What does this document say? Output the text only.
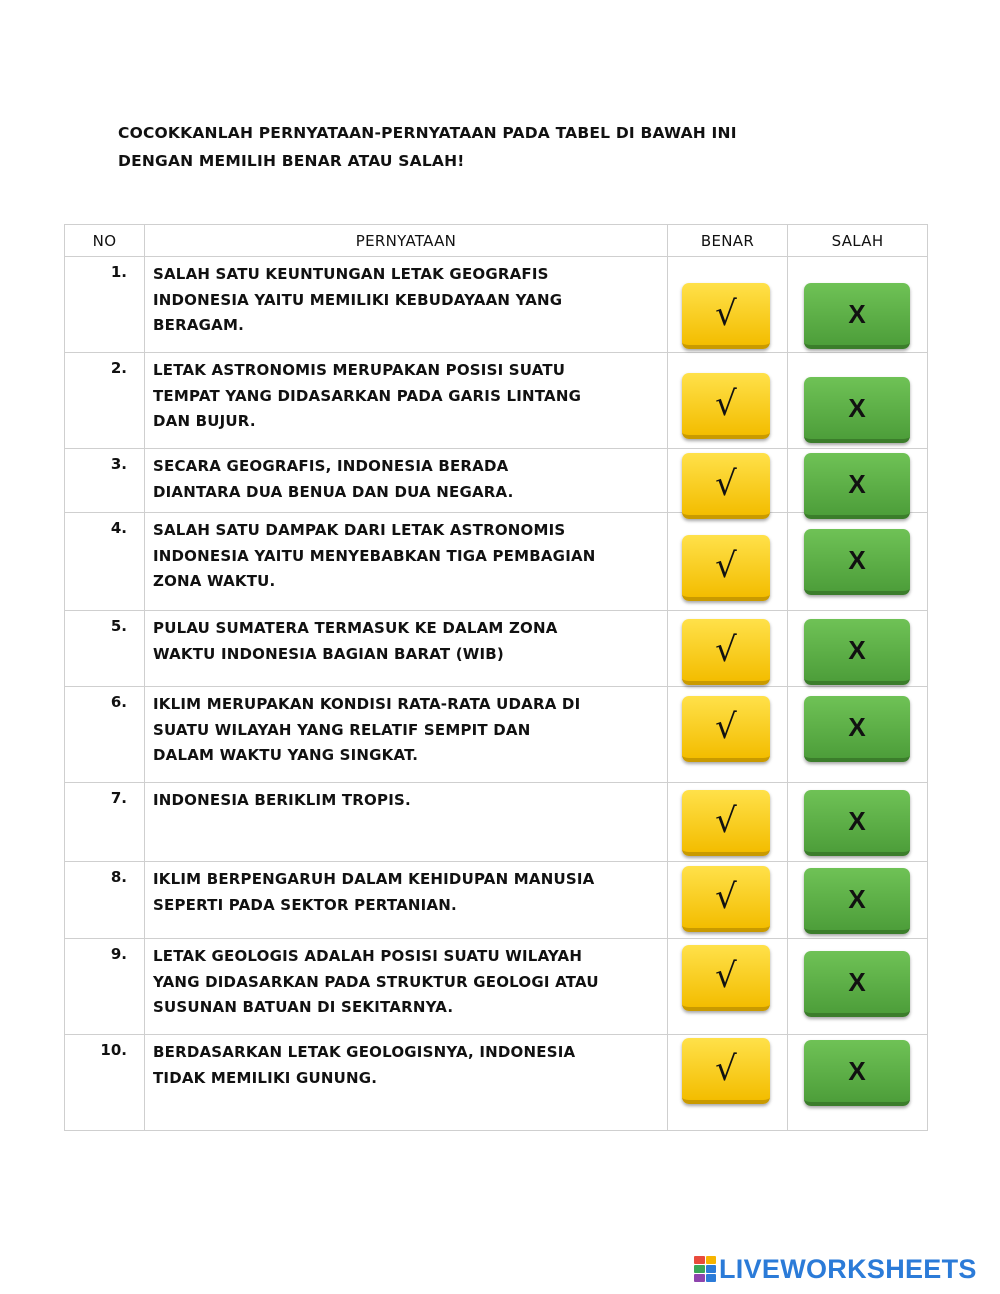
COCOKKANLAH PERNYATAAN-PERNYATAAN PADA TABEL DI BAWAH INI
DENGAN MEMILIH BENAR ATAU SALAH!
NO	PERNYATAAN	BENAR	SALAH
1.	SALAH SATU KEUNTUNGAN LETAK GEOGRAFIS
INDONESIA YAITU MEMILIKI KEBUDAYAAN YANG
BERAGAM.	√	X

2.	LETAK ASTRONOMIS MERUPAKAN POSISI SUATU
TEMPAT YANG DIDASARKAN PADA GARIS LINTANG
DAN BUJUR.	√	X

3.	SECARA GEOGRAFIS, INDONESIA BERADA
DIANTARA DUA BENUA DAN DUA NEGARA.	√	X

4.	SALAH SATU DAMPAK DARI LETAK ASTRONOMIS
INDONESIA YAITU MENYEBABKAN TIGA PEMBAGIAN
ZONA WAKTU.	√	X

5.	PULAU SUMATERA TERMASUK KE DALAM ZONA
WAKTU INDONESIA BAGIAN BARAT (WIB)	√	X

6.	IKLIM MERUPAKAN KONDISI RATA-RATA UDARA DI
SUATU WILAYAH YANG RELATIF SEMPIT DAN
DALAM WAKTU YANG SINGKAT.	√	X

7.	INDONESIA BERIKLIM TROPIS.	√	X

8.	IKLIM BERPENGARUH DALAM KEHIDUPAN MANUSIA
SEPERTI PADA SEKTOR PERTANIAN.	√	X

9.	LETAK GEOLOGIS ADALAH POSISI SUATU WILAYAH
YANG DIDASARKAN PADA STRUKTUR GEOLOGI ATAU
SUSUNAN BATUAN DI SEKITARNYA.	√	X

10.	BERDASARKAN LETAK GEOLOGISNYA, INDONESIA
TIDAK MEMILIKI GUNUNG.	√	X
LIVEWORKSHEETS
